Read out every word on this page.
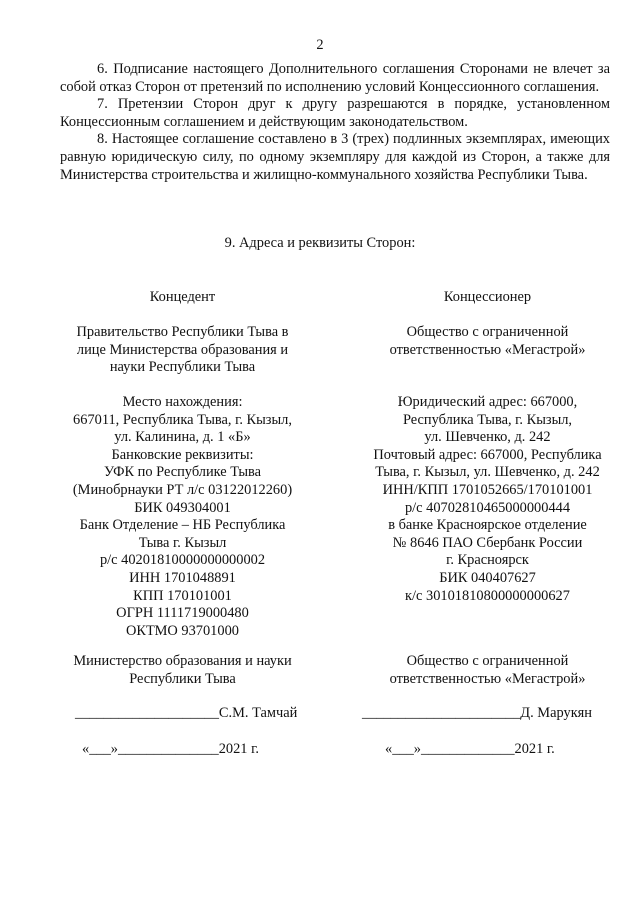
2

6. Подписание настоящего Дополнительного соглашения Сторонами не влечет за собой отказ Сторон от претензий по исполнению условий Концессионного соглашения.

7. Претензии Сторон друг к другу разрешаются в порядке, установленном Концессионным соглашением и действующим законодательством.

8. Настоящее соглашение составлено в 3 (трех) подлинных экземплярах, имеющих равную юридическую силу, по одному экземпляру для каждой из Сторон, а также для Министерства строительства и жилищно-коммунального хозяйства Республики Тыва.

9. Адреса и реквизиты Сторон:
Концедент
Правительство Республики Тыва в
лице Министерства образования и
науки Республики Тыва
Место нахождения:
667011, Республика Тыва, г. Кызыл,
ул. Калинина, д. 1 «Б»
Банковские реквизиты:
УФК по Республике Тыва
(Минобрнауки РТ л/с 03122012260)
БИК 049304001
Банк Отделение – НБ Республика
Тыва г. Кызыл
р/с 40201810000000000002
ИНН 1701048891
КПП 170101001
ОГРН 1111719000480
ОКТМО 93701000
Министерство образования и науки
Республики Тыва
____________________С.М. Тамчай
«___»______________2021 г.
Концессионер
Общество с ограниченной
ответственностью «Мегастрой»
Юридический адрес: 667000,
Республика Тыва, г. Кызыл,
ул. Шевченко, д. 242
Почтовый адрес: 667000, Республика
Тыва, г. Кызыл, ул. Шевченко, д. 242
ИНН/КПП 1701052665/170101001
р/с 40702810465000000444
в банке Красноярское отделение
№ 8646 ПАО Сбербанк России
г. Красноярск
БИК 040407627
к/с 30101810800000000627
Общество с ограниченной
ответственностью «Мегастрой»
______________________Д. Марукян
«___»_____________2021 г.
